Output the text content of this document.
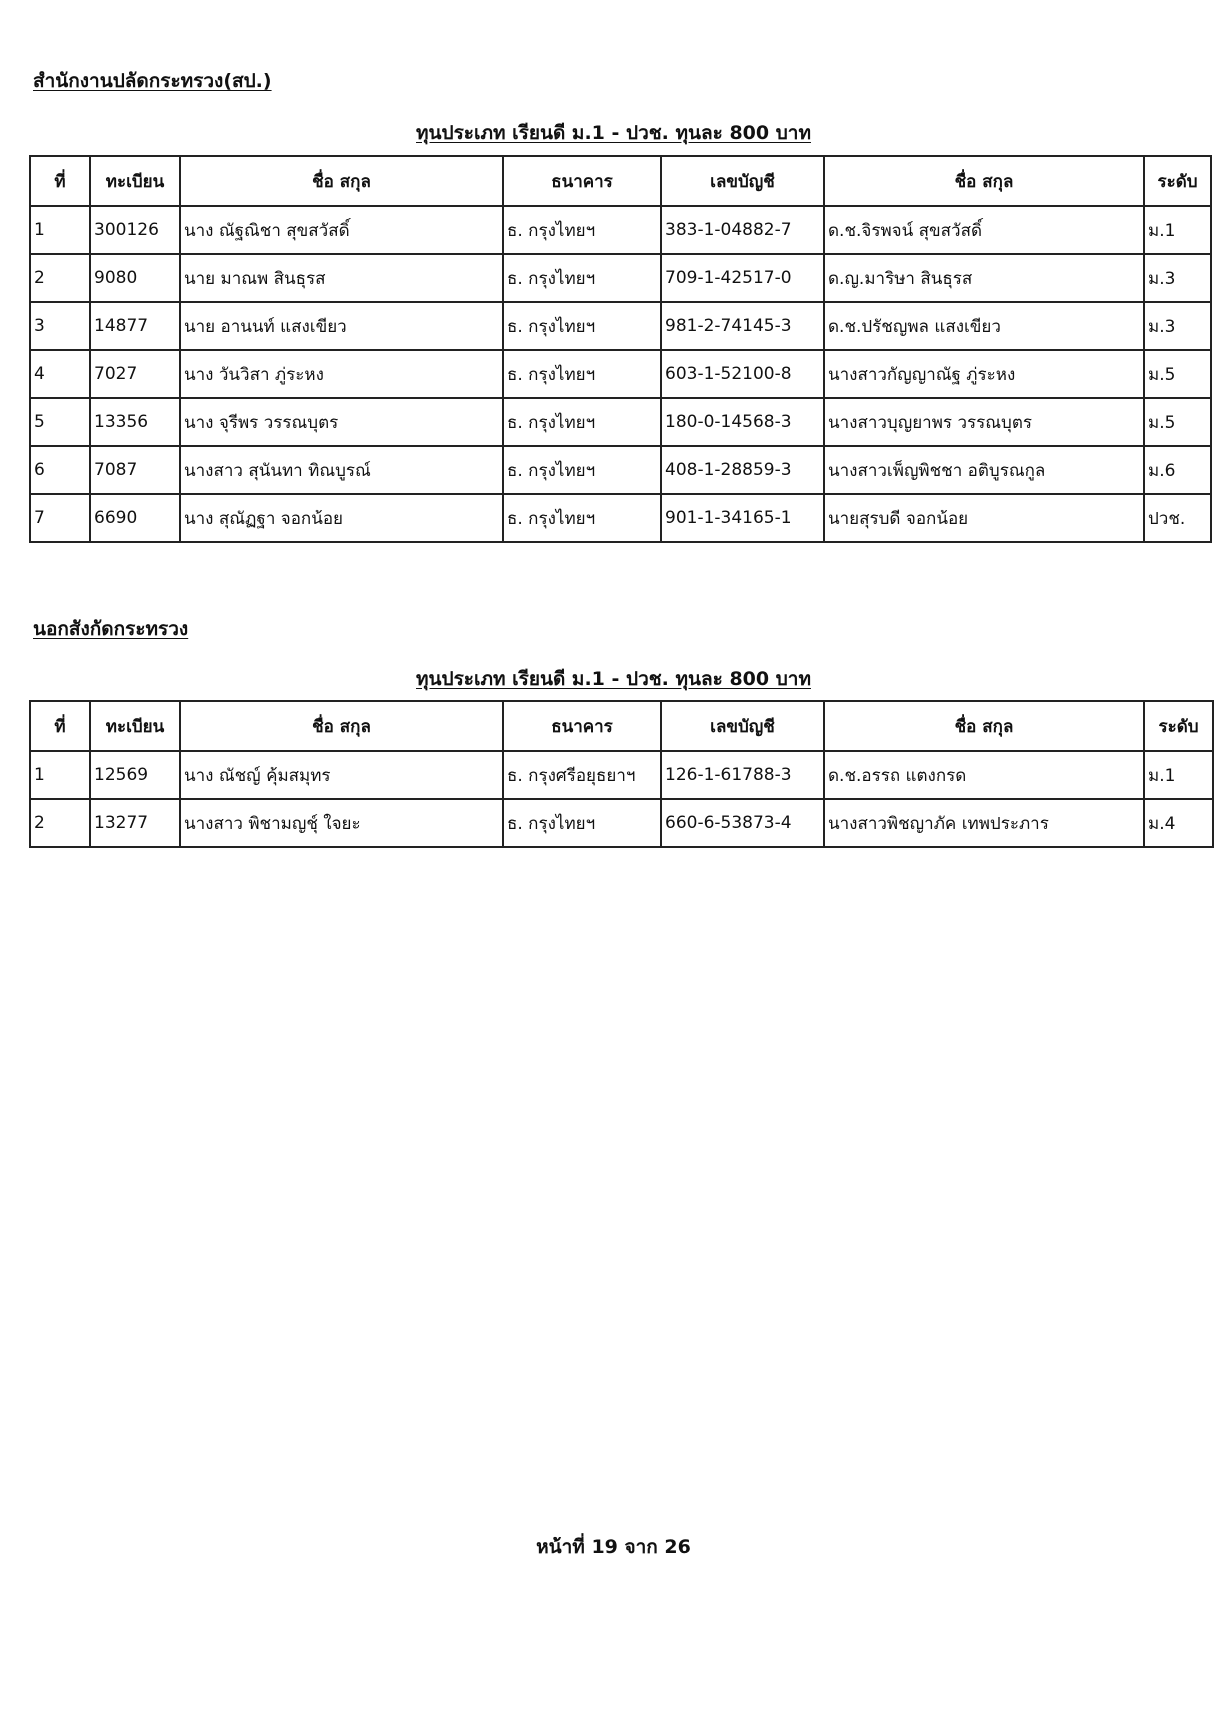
สำนักงานปลัดกระทรวง(สป.)
ทุนประเภท เรียนดี ม.1 - ปวช. ทุนละ 800 บาท
ที่	ทะเบียน	ชื่อ สกุล	ธนาคาร	เลขบัญชี	ชื่อ สกุล	ระดับ
1	300126	นาง ณัฐณิชา สุขสวัสดิ์	ธ. กรุงไทยฯ	383-1-04882-7	ด.ช.จิรพจน์ สุขสวัสดิ์	ม.1
2	9080	นาย มาณพ สินธุรส	ธ. กรุงไทยฯ	709-1-42517-0	ด.ญ.มาริษา สินธุรส	ม.3
3	14877	นาย อานนท์ แสงเขียว	ธ. กรุงไทยฯ	981-2-74145-3	ด.ช.ปรัชญพล แสงเขียว	ม.3
4	7027	นาง วันวิสา ภู่ระหง	ธ. กรุงไทยฯ	603-1-52100-8	นางสาวกัญญาณัฐ ภู่ระหง	ม.5
5	13356	นาง จุรีพร วรรณบุตร	ธ. กรุงไทยฯ	180-0-14568-3	นางสาวบุญยาพร วรรณบุตร	ม.5
6	7087	นางสาว สุนันทา ทิณบูรณ์	ธ. กรุงไทยฯ	408-1-28859-3	นางสาวเพ็ญพิชชา อติบูรณกูล	ม.6
7	6690	นาง สุณัฏฐา จอกน้อย	ธ. กรุงไทยฯ	901-1-34165-1	นายสุรบดี จอกน้อย	ปวช.
นอกสังกัดกระทรวง
ทุนประเภท เรียนดี ม.1 - ปวช. ทุนละ 800 บาท
ที่	ทะเบียน	ชื่อ สกุล	ธนาคาร	เลขบัญชี	ชื่อ สกุล	ระดับ
1	12569	นาง ณัชญ์ คุ้มสมุทร	ธ. กรุงศรีอยุธยาฯ	126-1-61788-3	ด.ช.อรรถ แตงกรด	ม.1
2	13277	นางสาว พิชามญชุ์ ใจยะ	ธ. กรุงไทยฯ	660-6-53873-4	นางสาวพิชญาภัค เทพประภาร	ม.4
หน้าที่ 19 จาก 26
